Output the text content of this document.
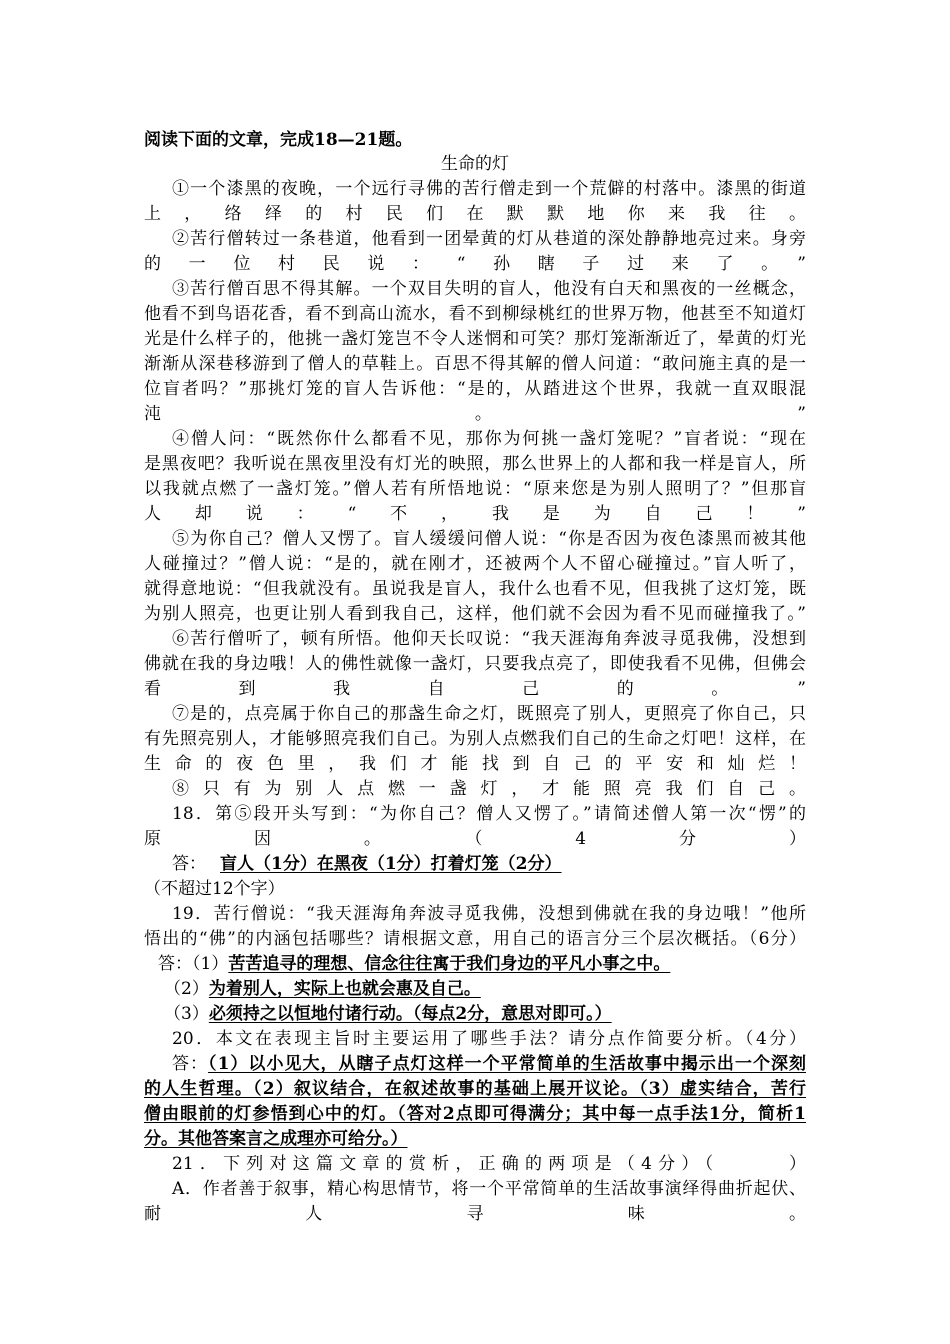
阅读下面的文章，完成18—21题。
生命的灯
①一个漆黑的夜晚，一个远行寻佛的苦行僧走到一个荒僻的村落中。漆黑的街道
上，络绎的村民们在默默地你来我往。
②苦行僧转过一条巷道，他看到一团晕黄的灯从巷道的深处静静地亮过来。身旁
的一位村民说：“孙瞎子过来了。”
③苦行僧百思不得其解。一个双目失明的盲人，他没有白天和黑夜的一丝概念，
他看不到鸟语花香，看不到高山流水，看不到柳绿桃红的世界万物，他甚至不知道灯
光是什么样子的，他挑一盏灯笼岂不令人迷惘和可笑？那灯笼渐渐近了，晕黄的灯光
渐渐从深巷移游到了僧人的草鞋上。百思不得其解的僧人问道：“敢问施主真的是一
位盲者吗？”那挑灯笼的盲人告诉他：“是的，从踏进这个世界，我就一直双眼混
沌。”
④僧人问：“既然你什么都看不见，那你为何挑一盏灯笼呢？”盲者说：“现在
是黑夜吧？我听说在黑夜里没有灯光的映照，那么世界上的人都和我一样是盲人，所
以我就点燃了一盏灯笼。”僧人若有所悟地说：“原来您是为别人照明了？”但那盲
人却说：“不，我是为自己！”
⑤为你自己？僧人又愣了。盲人缓缓问僧人说：“你是否因为夜色漆黑而被其他
人碰撞过？”僧人说：“是的，就在刚才，还被两个人不留心碰撞过。”盲人听了，
就得意地说：“但我就没有。虽说我是盲人，我什么也看不见，但我挑了这灯笼，既
为别人照亮，也更让别人看到我自己，这样，他们就不会因为看不见而碰撞我了。”
⑥苦行僧听了，顿有所悟。他仰天长叹说：“我天涯海角奔波寻觅我佛，没想到
佛就在我的身边哦！人的佛性就像一盏灯，只要我点亮了，即使我看不见佛，但佛会
看到我自己的。”
⑦是的，点亮属于你自己的那盏生命之灯，既照亮了别人，更照亮了你自己，只
有先照亮别人，才能够照亮我们自己。为别人点燃我们自己的生命之灯吧！这样，在
生命的夜色里，我们才能找到自己的平安和灿烂！
⑧只有为别人点燃一盏灯，才能照亮我们自己。
18．第⑤段开头写到：“为你自己？僧人又愣了。”请简述僧人第一次“愣”的
原因。（4分）
答： 盲人（1分）在黑夜（1分）打着灯笼（2分）
（不超过12个字）
19．苦行僧说：“我天涯海角奔波寻觅我佛，没想到佛就在我的身边哦！”他所
悟出的“佛”的内涵包括哪些？请根据文意，用自己的语言分三个层次概括。（6分）
答：（1）苦苦追寻的理想、信念往往寓于我们身边的平凡小事之中。
（2）为着别人，实际上也就会惠及自己。
（3）必须持之以恒地付诸行动。（每点2分，意思对即可。）
20．本文在表现主旨时主要运用了哪些手法？请分点作简要分析。（4分）
答：（1）以小见大，从瞎子点灯这样一个平常简单的生活故事中揭示出一个深刻
的人生哲理。（2）叙议结合，在叙述故事的基础上展开议论。（3）虚实结合，苦行
僧由眼前的灯参悟到心中的灯。（答对2点即可得满分；其中每一点手法1分，简析1
分。其他答案言之成理亦可给分。）
21．下列对这篇文章的赏析，正确的两项是（4分）（　　　）
A．作者善于叙事，精心构思情节，将一个平常简单的生活故事演绎得曲折起伏、
耐人寻味。
